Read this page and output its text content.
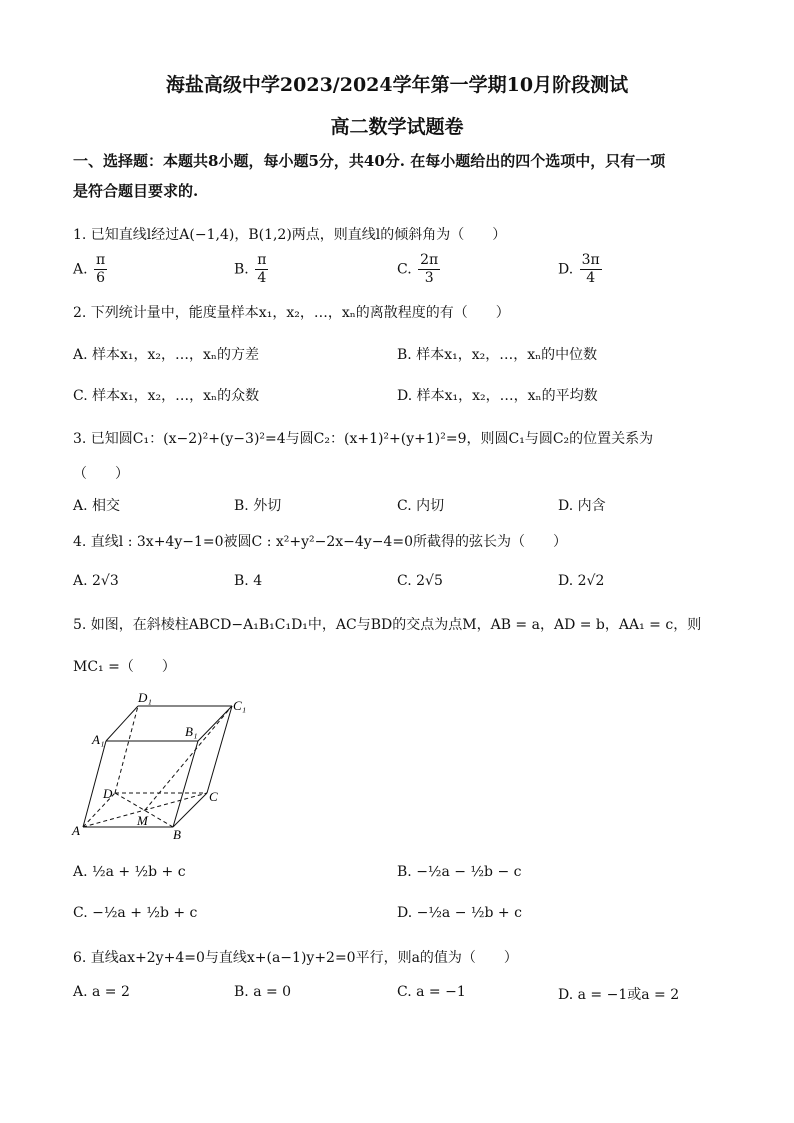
海盐高级中学2023/2024学年第一学期10月阶段测试
高二数学试题卷
一、选择题：本题共8小题，每小题5分，共40分. 在每小题给出的四个选项中，只有一项
是符合题目要求的.
1. 已知直线l经过A(−1,4)，B(1,2)两点，则直线l的倾斜角为（　　）
A. $\frac{\pi}{6}$	B. $\frac{\pi}{4}$	C. $\frac{2\pi}{3}$	D. $\frac{3\pi}{4}$
2. 下列统计量中，能度量样本x₁，x₂，…，xₙ的离散程度的有（　　）
A. 样本x₁，x₂，…，xₙ的方差	B. 样本x₁，x₂，…，xₙ的中位数
C. 样本x₁，x₂，…，xₙ的众数	D. 样本x₁，x₂，…，xₙ的平均数
3. 已知圆C₁：(x−2)²+(y−3)²=4与圆C₂：(x+1)²+(y+1)²=9，则圆C₁与圆C₂的位置关系为
（　　）
A. 相交	B. 外切	C. 内切	D. 内含
4. 直线l : 3x+4y−1=0被圆C : x²+y²−2x−4y−4=0所截得的弦长为（　　）
A. 2√3	B. 4	C. 2√5	D. 2√2
5. 如图，在斜棱柱ABCD−A₁B₁C₁D₁中，AC与BD的交点为点M，AB = a，AD = b，AA₁ = c，则
MC₁ =（　　）
D₁
C₁
A₁
B₁
D	C
M
A	B
A. ½a + ½b + c	B. −½a − ½b − c
C. −½a + ½b + c	D. −½a − ½b + c
6. 直线ax+2y+4=0与直线x+(a−1)y+2=0平行，则a的值为（　　）
A. a = 2	B. a = 0	C. a = −1	D. a = −1或a = 2
